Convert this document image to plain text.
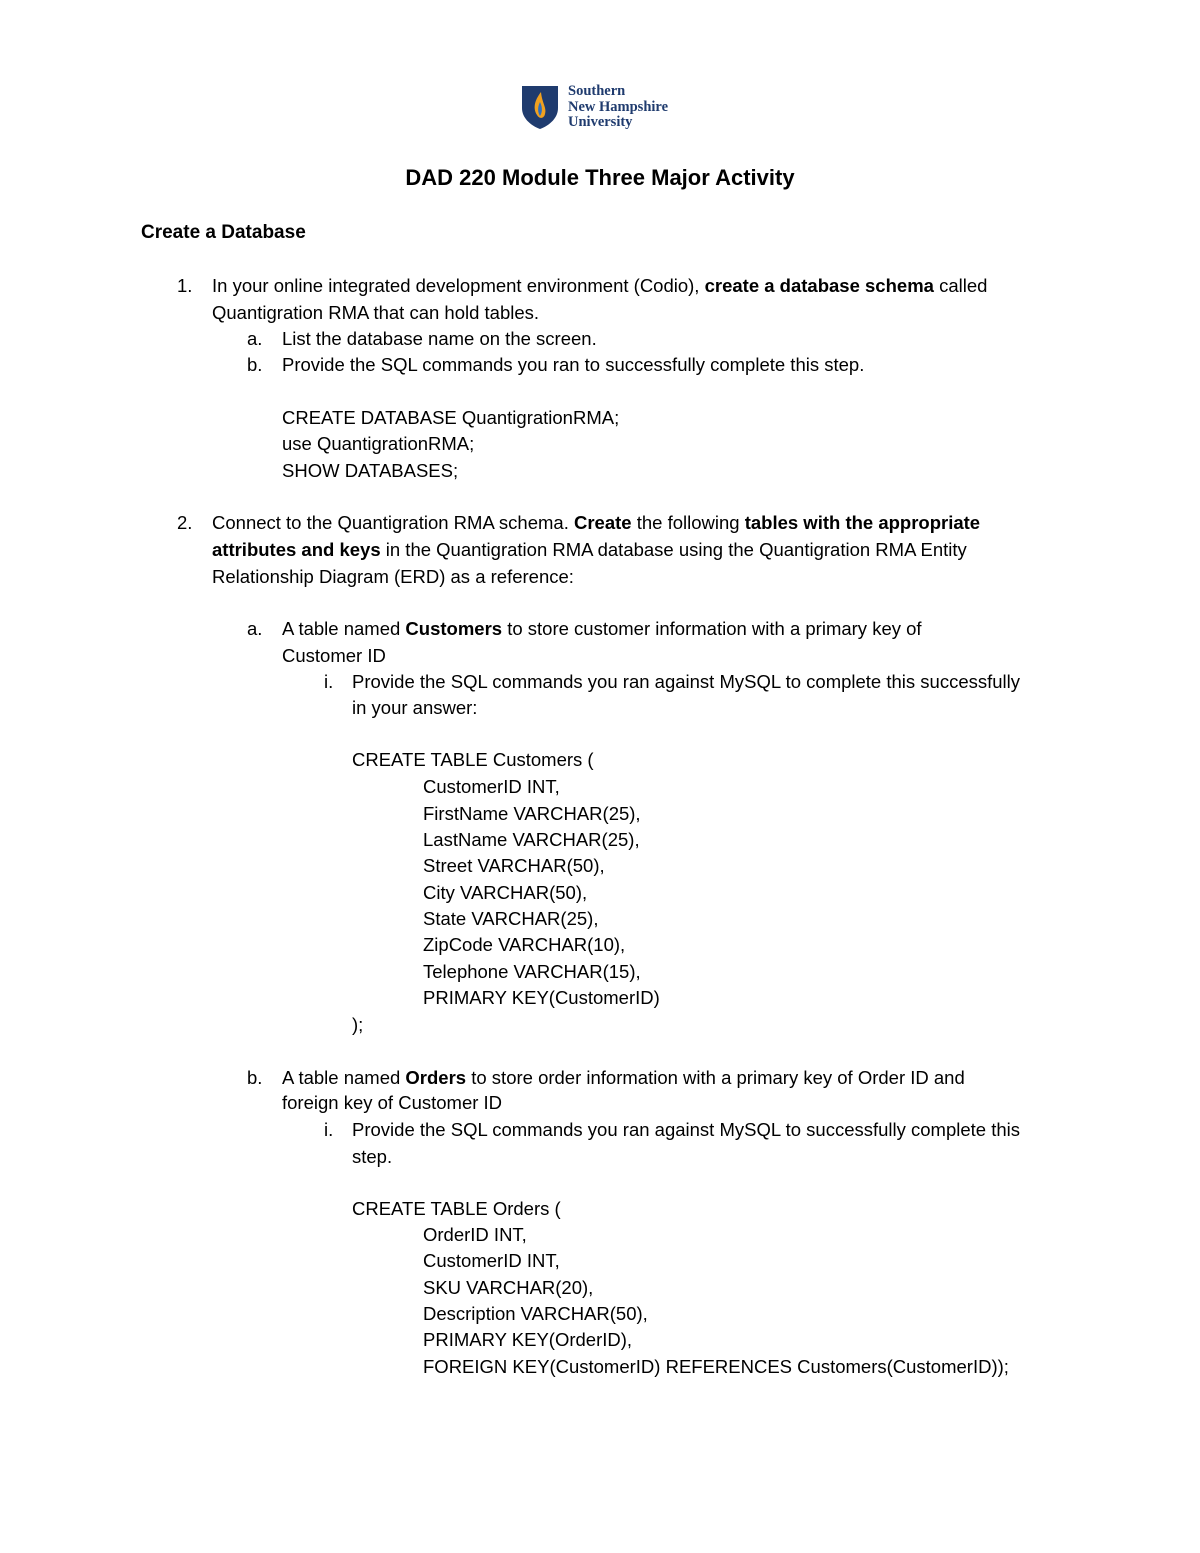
Southern
New Hampshire
University
DAD 220 Module Three Major Activity
Create a Database
1. In your online integrated development environment (Codio), create a database schema called
Quantigration RMA that can hold tables.
a. List the database name on the screen.
b. Provide the SQL commands you ran to successfully complete this step.
CREATE DATABASE QuantigrationRMA;
use QuantigrationRMA;
SHOW DATABASES;
2. Connect to the Quantigration RMA schema. Create the following tables with the appropriate
attributes and keys in the Quantigration RMA database using the Quantigration RMA Entity
Relationship Diagram (ERD) as a reference:
a. A table named Customers to store customer information with a primary key of
Customer ID
i. Provide the SQL commands you ran against MySQL to complete this successfully
in your answer:
CREATE TABLE Customers (
CustomerID INT,
FirstName VARCHAR(25),
LastName VARCHAR(25),
Street VARCHAR(50),
City VARCHAR(50),
State VARCHAR(25),
ZipCode VARCHAR(10),
Telephone VARCHAR(15),
PRIMARY KEY(CustomerID)
);
b. A table named Orders to store order information with a primary key of Order ID and
foreign key of Customer ID
i. Provide the SQL commands you ran against MySQL to successfully complete this
step.
CREATE TABLE Orders (
OrderID INT,
CustomerID INT,
SKU VARCHAR(20),
Description VARCHAR(50),
PRIMARY KEY(OrderID),
FOREIGN KEY(CustomerID) REFERENCES Customers(CustomerID));
